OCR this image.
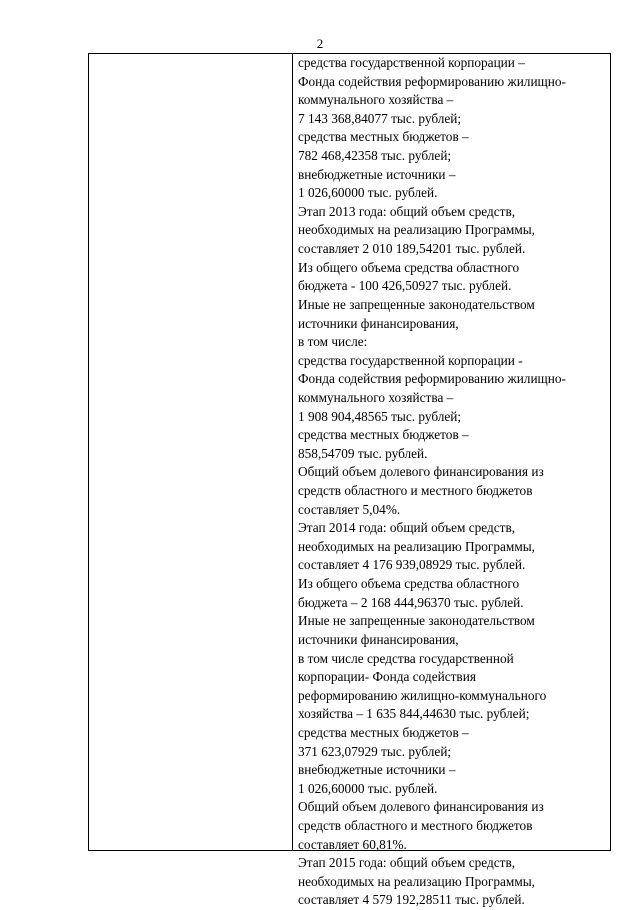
2
средства государственной корпорации –
Фонда содействия реформированию жилищно-
коммунального хозяйства –
7 143 368,84077 тыс. рублей;
средства местных бюджетов –
782 468,42358 тыс. рублей;
внебюджетные источники –
1 026,60000 тыс. рублей.
Этап 2013 года: общий объем средств,
необходимых на реализацию Программы,
составляет 2 010 189,54201 тыс. рублей.
Из общего объема средства областного
бюджета - 100 426,50927 тыс. рублей.
Иные не запрещенные законодательством
источники финансирования,
в том числе:
средства государственной корпорации -
Фонда содействия реформированию жилищно-
коммунального хозяйства –
1 908 904,48565 тыс. рублей;
средства местных бюджетов –
858,54709 тыс. рублей.
Общий объем долевого финансирования из
средств областного и местного бюджетов
составляет 5,04%.
Этап 2014 года: общий объем средств,
необходимых на реализацию Программы,
составляет 4 176 939,08929 тыс. рублей.
Из общего объема средства областного
бюджета – 2 168 444,96370 тыс. рублей.
Иные не запрещенные законодательством
источники финансирования,
в том числе средства государственной
корпорации- Фонда содействия
реформированию жилищно-коммунального
хозяйства – 1 635 844,44630 тыс. рублей;
средства местных бюджетов –
371 623,07929 тыс. рублей;
внебюджетные источники –
1 026,60000 тыс. рублей.
Общий объем долевого финансирования из
средств областного и местного бюджетов
составляет 60,81%.
Этап 2015 года: общий объем средств,
необходимых на реализацию Программы,
составляет 4 579 192,28511 тыс. рублей.
